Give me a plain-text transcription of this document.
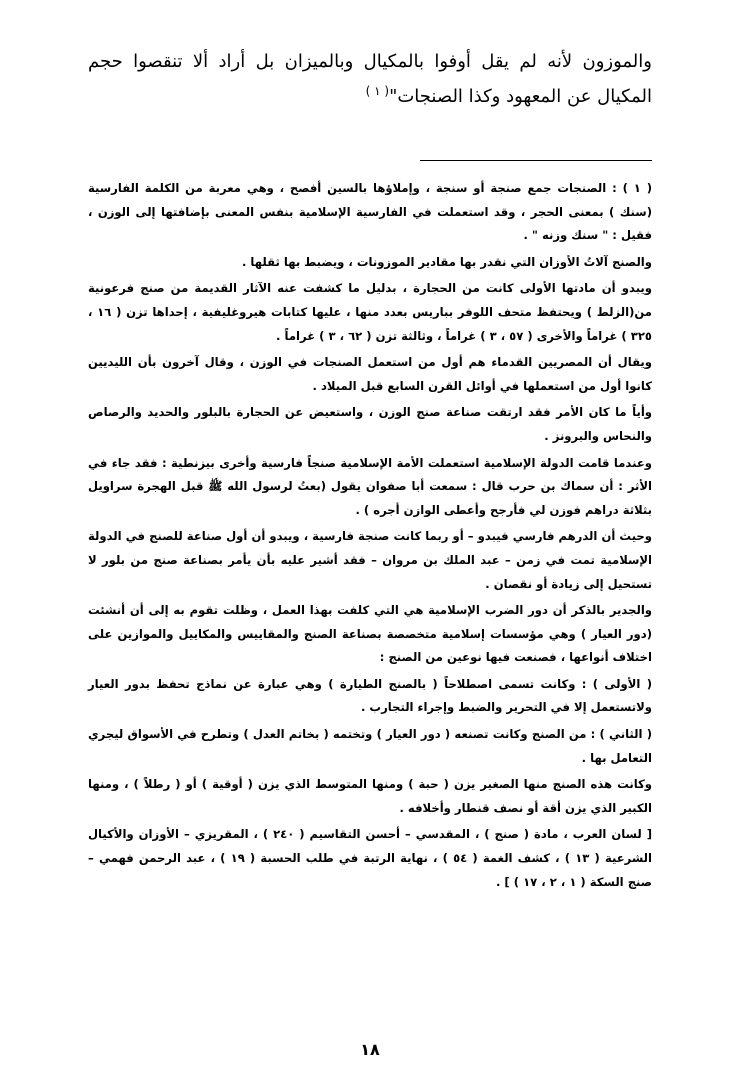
والموزون لأنه لم يقل أوفوا بالمكيال وبالميزان بل أراد ألا تنقصوا حجم المكيال عن المعهود وكذا الصنجات"$^{( ١ )}$

( ١ ) : الصنجات جمع صنجة أو سنجة ، وإملاؤها بالسين أفصح ، وهي معربة من الكلمة الفارسية (سنك ) بمعنى الحجر ، وقد استعملت في الفارسية الإسلامية بنفس المعنى بإضافتها إلى الوزن ، فقيل : " سنك وزنه " .

والصنج آلاتُ الأوزان التي نقدر بها مقادير الموزونات ، ويضبط بها ثقلها .

ويبدو أن مادتها الأولى كانت من الحجارة ، بدليل ما كشفت عنه الآثار القديمة من صنج فرعونية من(الزلط ) ويحتفظ متحف اللوفر بباريس بعدد منها ، عليها كتابات هيروغليفية ، إحداها تزن ( ١٦ ، ٣٢٥ ) غراماً والأخرى ( ٥٧ ، ٣ ) غراماً ، وثالثة تزن ( ٦٢ ، ٣ ) غراماً .

ويقال أن المصريين القدماء هم أول من استعمل الصنجات في الوزن ، وقال آخرون بأن الليديين كانوا أول من استعملها في أوائل القرن السابع قبل الميلاد .

وأياً ما كان الأمر فقد ارتقت صناعة صنج الوزن ، واستعيض عن الحجارة بالبلور والحديد والرصاص والنحاس والبرونز .

وعندما قامت الدولة الإسلامية استعملت الأمة الإسلامية صنجاً فارسية وأخرى بيزنطية : فقد جاء في الأثر : أن سماك بن حرب قال : سمعت أبا صفوان يقول (بعتُ لرسول الله ﷺ قبل الهجرة سراويل بثلاثة دراهم فوزن لي فأرجح وأعطى الوازن أجره ) .

وحيث أن الدرهم فارسي فيبدو – أو ربما كانت صنجة فارسية ، ويبدو أن أول صناعة للصنج في الدولة الإسلامية تمت في زمن – عبد الملك بن مروان – فقد أشير عليه بأن يأمر بصناعة صنج من بلور لا تستحيل إلى زيادة أو نقصان .

والجدير بالذكر أن دور الضرب الإسلامية هي التي كلفت بهذا العمل ، وظلت تقوم به إلى أن أنشئت (دور العيار ) وهي مؤسسات إسلامية متخصصة بصناعة الصنج والمقاييس والمكاييل والموازين على اختلاف أنواعها ، فصنعت فيها نوعين من الصنج :

( الأولى ) : وكانت تسمى اصطلاحاً ( بالصنج الطيارة ) وهي عبارة عن نماذج تحفظ بدور العيار ولاتستعمل إلا في التحرير والضبط وإجراء التجارب .

( الثاني ) : من الصنج وكانت تصنعه ( دور العيار ) وتختمه ( بخاتم العدل ) وتطرح في الأسواق ليجري التعامل بها .

وكانت هذه الصنج منها الصغير يزن ( حبة ) ومنها المتوسط الذي يزن ( أوقية ) أو ( رطلاً ) ، ومنها الكبير الذي يزن أقة أو نصف قنطار وأخلافه .

[ لسان العرب ، مادة ( صنج ) ، المقدسي – أحسن التقاسيم ( ٢٤٠ ) ، المقريزي – الأوزان والأكيال الشرعية ( ١٣ ) ، كشف الغمة ( ٥٤ ) ، نهاية الرتبة في طلب الحسبة ( ١٩ ) ، عبد الرحمن فهمي – صنج السكة ( ١ ، ٢ ، ١٧ ) ] .

١٨
